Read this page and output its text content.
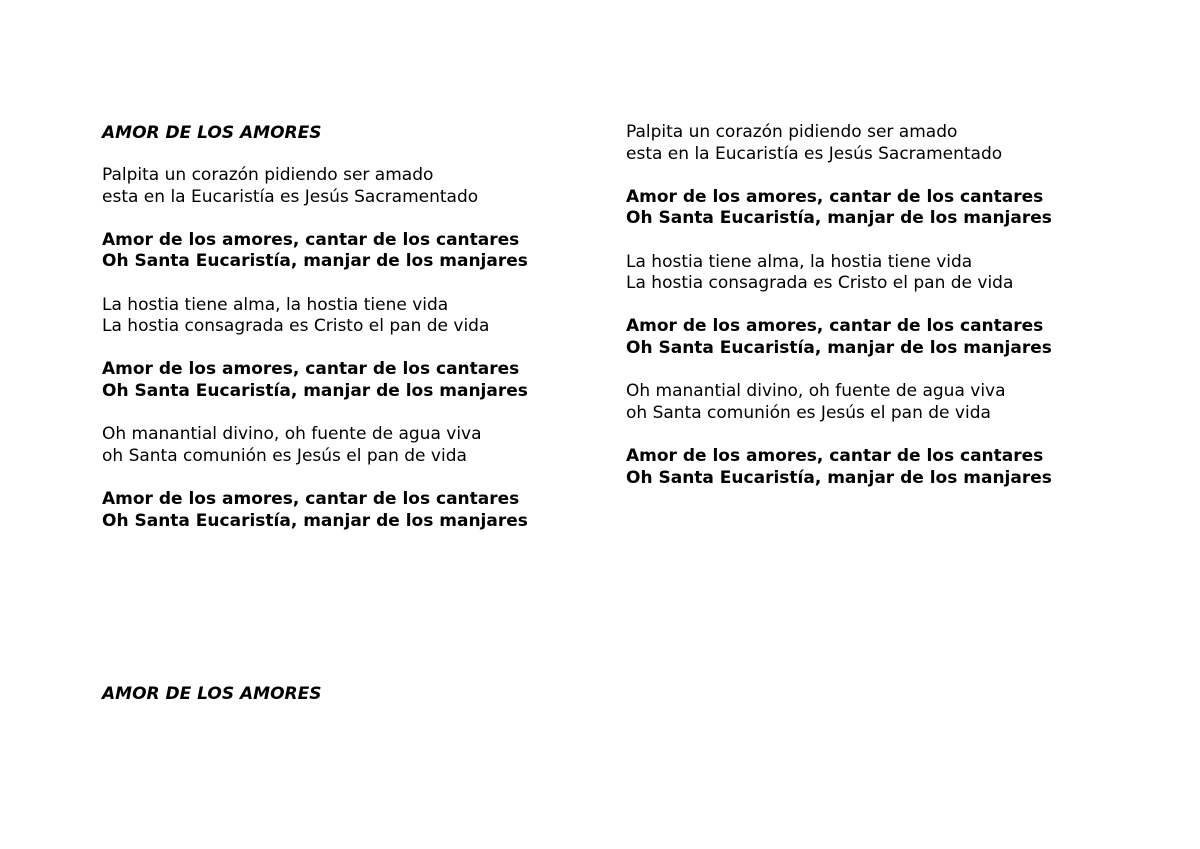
AMOR DE LOS AMORES

Palpita un corazón pidiendo ser amado
esta en la Eucaristía es Jesús Sacramentado

Amor de los amores, cantar de los cantares
Oh Santa Eucaristía, manjar de los manjares

La hostia tiene alma, la hostia tiene vida
La hostia consagrada es Cristo el pan de vida

Amor de los amores, cantar de los cantares
Oh Santa Eucaristía, manjar de los manjares

Oh manantial divino, oh fuente de agua viva
oh Santa comunión es Jesús el pan de vida

Amor de los amores, cantar de los cantares
Oh Santa Eucaristía, manjar de los manjares

Palpita un corazón pidiendo ser amado
esta en la Eucaristía es Jesús Sacramentado

Amor de los amores, cantar de los cantares
Oh Santa Eucaristía, manjar de los manjares

La hostia tiene alma, la hostia tiene vida
La hostia consagrada es Cristo el pan de vida

Amor de los amores, cantar de los cantares
Oh Santa Eucaristía, manjar de los manjares

Oh manantial divino, oh fuente de agua viva
oh Santa comunión es Jesús el pan de vida

Amor de los amores, cantar de los cantares
Oh Santa Eucaristía, manjar de los manjares

AMOR DE LOS AMORES
